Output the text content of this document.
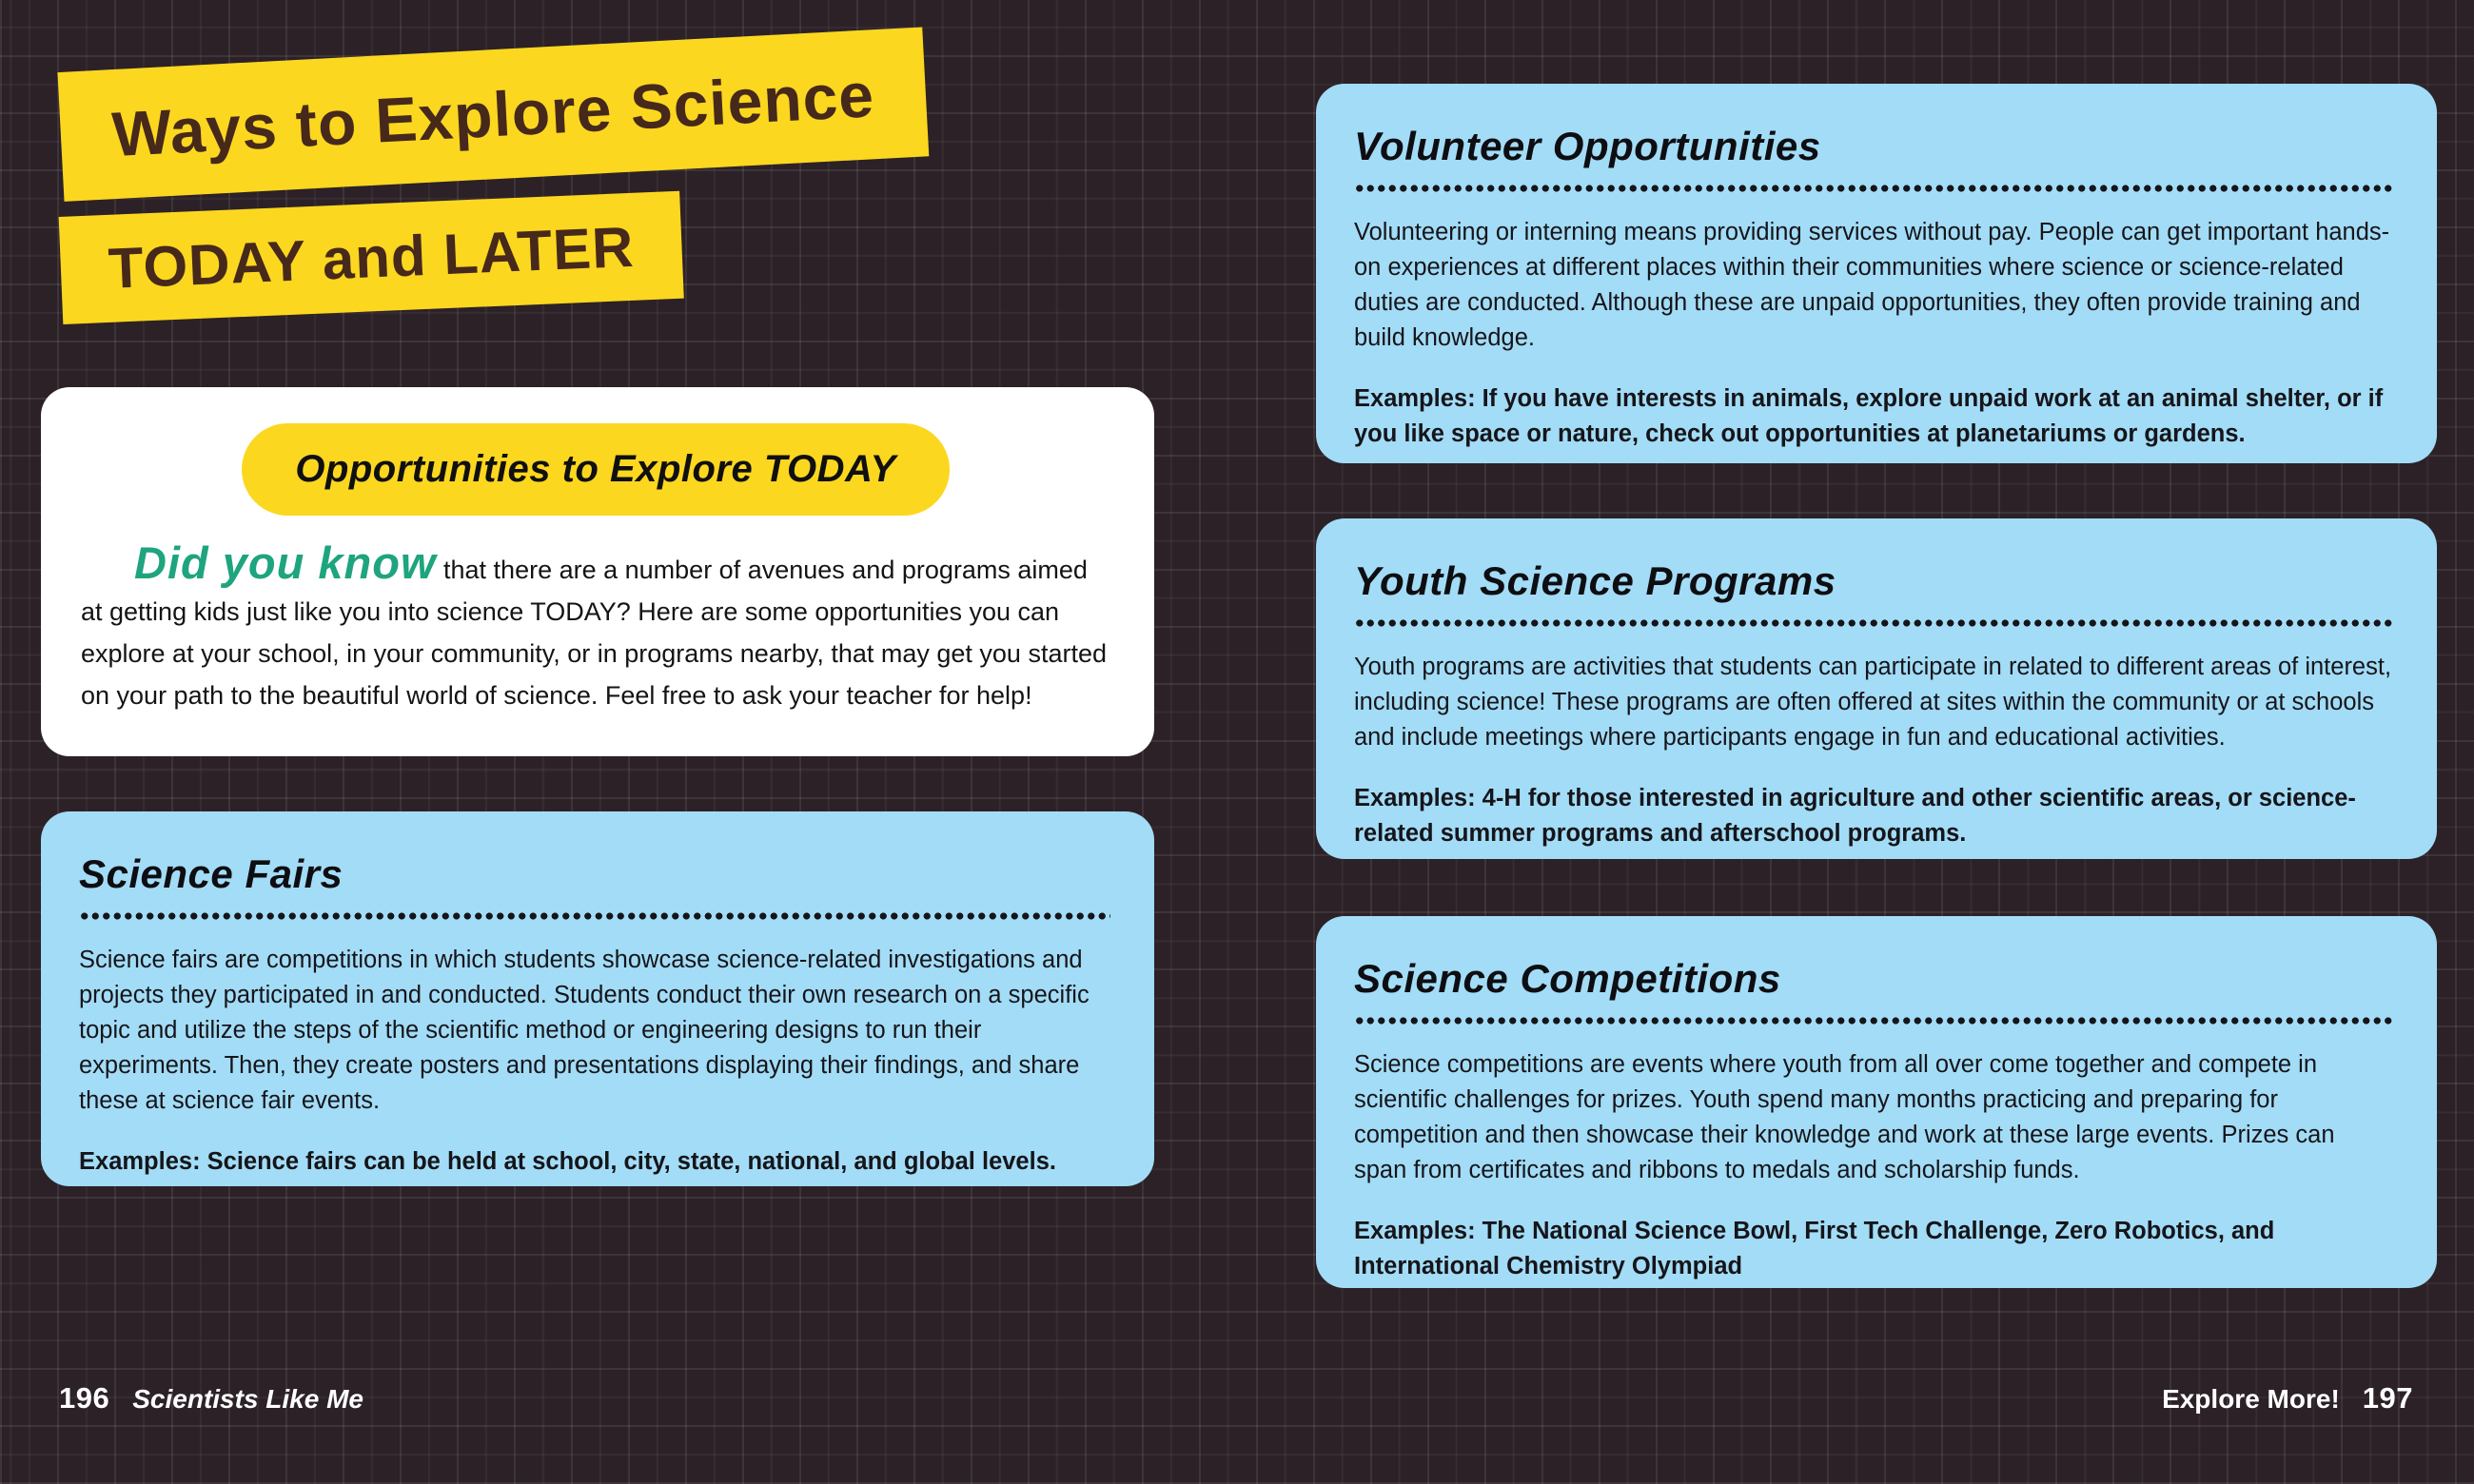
Ways to Explore Science
TODAY and LATER
Opportunities to Explore TODAY

Did you know that there are a number of avenues and programs aimed at getting kids just like you into science TODAY? Here are some opportunities you can explore at your school, in your community, or in programs nearby, that may get you started on your path to the beautiful world of science. Feel free to ask your teacher for help!

Science Fairs

Science fairs are competitions in which students showcase science-related investigations and projects they participated in and conducted. Students conduct their own research on a specific topic and utilize the steps of the scientific method or engineering designs to run their experiments. Then, they create posters and presentations displaying their findings, and share these at science fair events.

Examples: Science fairs can be held at school, city, state, national, and global levels.

Volunteer Opportunities

Volunteering or interning means providing services without pay. People can get important hands-on experiences at different places within their communities where science or science-related duties are conducted. Although these are unpaid opportunities, they often provide training and build knowledge.

Examples: If you have interests in animals, explore unpaid work at an animal shelter, or if you like space or nature, check out opportunities at planetariums or gardens.

Youth Science Programs

Youth programs are activities that students can participate in related to different areas of interest, including science! These programs are often offered at sites within the community or at schools and include meetings where participants engage in fun and educational activities.

Examples: 4-H for those interested in agriculture and other scientific areas, or science-related summer programs and afterschool programs.

Science Competitions

Science competitions are events where youth from all over come together and compete in scientific challenges for prizes. Youth spend many months practicing and preparing for competition and then showcase their knowledge and work at these large events. Prizes can span from certificates and ribbons to medals and scholarship funds.

Examples: The National Science Bowl, First Tech Challenge, Zero Robotics, and International Chemistry Olympiad

196 Scientists Like Me	Explore More! 197
